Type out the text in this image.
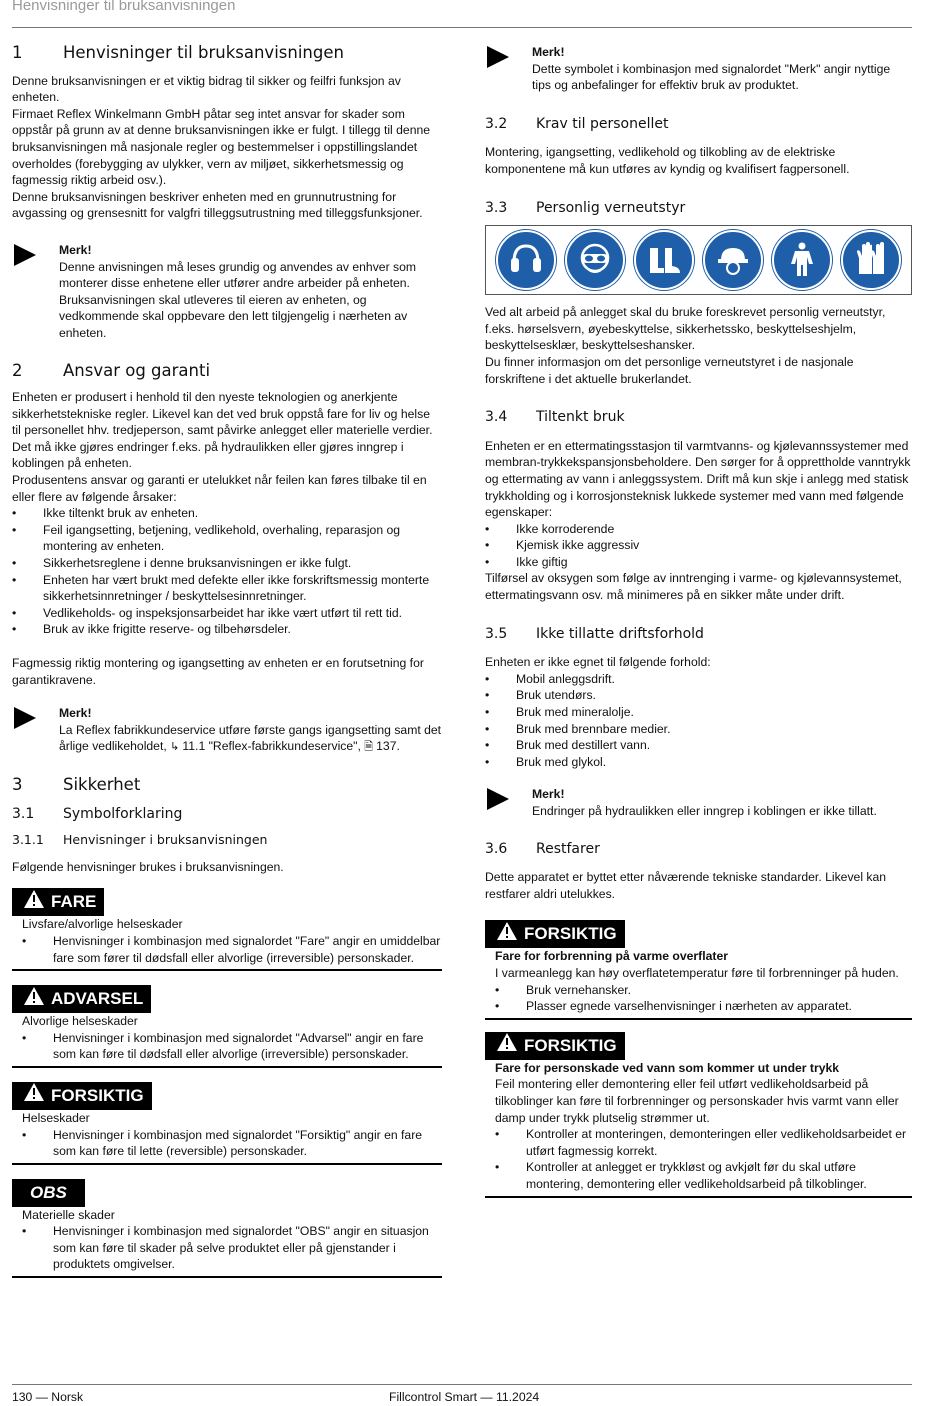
Henvisninger til bruksanvisningen
1	Henvisninger til bruksanvisningen

Denne bruksanvisningen er et viktig bidrag til sikker og feilfri funksjon av enheten.

Firmaet Reflex Winkelmann GmbH påtar seg intet ansvar for skader som oppstår på grunn av at denne bruksanvisningen ikke er fulgt. I tillegg til denne bruksanvisningen må nasjonale regler og bestemmelser i oppstillingslandet overholdes (forebygging av ulykker, vern av miljøet, sikkerhetsmessig og fagmessig riktig arbeid osv.).

Denne bruksanvisningen beskriver enheten med en grunnutrustning for avgassing og grensesnitt for valgfri tilleggsutrustning med tilleggsfunksjoner.

Merk!

Denne anvisningen må leses grundig og anvendes av enhver som monterer disse enhetene eller utfører andre arbeider på enheten. Bruksanvisningen skal utleveres til eieren av enheten, og vedkommende skal oppbevare den lett tilgjengelig i nærheten av enheten.

2	Ansvar og garanti

Enheten er produsert i henhold til den nyeste teknologien og anerkjente sikkerhetstekniske regler. Likevel kan det ved bruk oppstå fare for liv og helse til personellet hhv. tredjeperson, samt påvirke anlegget eller materielle verdier.

Det må ikke gjøres endringer f.eks. på hydraulikken eller gjøres inngrep i koblingen på enheten.

Produsentens ansvar og garanti er utelukket når feilen kan føres tilbake til en eller flere av følgende årsaker:

• Ikke tiltenkt bruk av enheten.
• Feil igangsetting, betjening, vedlikehold, overhaling, reparasjon og montering av enheten.
• Sikkerhetsreglene i denne bruksanvisningen er ikke fulgt.
• Enheten har vært brukt med defekte eller ikke forskriftsmessig monterte sikkerhetsinnretninger / beskyttelsesinnretninger.
• Vedlikeholds- og inspeksjonsarbeidet har ikke vært utført til rett tid.
• Bruk av ikke frigitte reserve- og tilbehørsdeler.

Fagmessig riktig montering og igangsetting av enheten er en forutsetning for garantikravene.

Merk!

La Reflex fabrikkundeservice utføre første gangs igangsetting samt det årlige vedlikeholdet, ↳ 11.1 "Reflex-fabrikkundeservice", 🗎 137.

3	Sikkerhet
3.1	Symbolforklaring
3.1.1	Henvisninger i bruksanvisningen

Følgende henvisninger brukes i bruksanvisningen.

FARE

Livsfare/alvorlige helseskader

• Henvisninger i kombinasjon med signalordet "Fare" angir en umiddelbar fare som fører til dødsfall eller alvorlige (irreversible) personskader.
ADVARSEL

Alvorlige helseskader

• Henvisninger i kombinasjon med signalordet "Advarsel" angir en fare som kan føre til dødsfall eller alvorlige (irreversible) personskader.
FORSIKTIG

Helseskader

• Henvisninger i kombinasjon med signalordet "Forsiktig" angir en fare som kan føre til lette (reversible) personskader.
OBS

Materielle skader

• Henvisninger i kombinasjon med signalordet "OBS" angir en situasjon som kan føre til skader på selve produktet eller på gjenstander i produktets omgivelser.

Merk!

Dette symbolet i kombinasjon med signalordet "Merk" angir nyttige tips og anbefalinger for effektiv bruk av produktet.

3.2	Krav til personellet

Montering, igangsetting, vedlikehold og tilkobling av de elektriske komponentene må kun utføres av kyndig og kvalifisert fagpersonell.

3.3	Personlig verneutstyr

Ved alt arbeid på anlegget skal du bruke foreskrevet personlig verneutstyr, f.eks. hørselsvern, øyebeskyttelse, sikkerhetssko, beskyttelseshjelm, beskyttelsesklær, beskyttelseshansker.

Du finner informasjon om det personlige verneutstyret i de nasjonale forskriftene i det aktuelle brukerlandet.

3.4	Tiltenkt bruk

Enheten er en ettermatingsstasjon til varmtvanns- og kjølevannssystemer med membran-trykkekspansjonsbeholdere. Den sørger for å opprettholde vanntrykk og ettermating av vann i anleggssystem. Drift må kun skje i anlegg med statisk trykkholding og i korrosjonsteknisk lukkede systemer med vann med følgende egenskaper:

• Ikke korroderende
• Kjemisk ikke aggressiv
• Ikke giftig

Tilførsel av oksygen som følge av inntrenging i varme- og kjølevannsystemet, ettermatingsvann osv. må minimeres på en sikker måte under drift.

3.5	Ikke tillatte driftsforhold

Enheten er ikke egnet til følgende forhold:

• Mobil anleggsdrift.
• Bruk utendørs.
• Bruk med mineralolje.
• Bruk med brennbare medier.
• Bruk med destillert vann.
• Bruk med glykol.

Merk!

Endringer på hydraulikken eller inngrep i koblingen er ikke tillatt.

3.6	Restfarer

Dette apparatet er byttet etter nåværende tekniske standarder. Likevel kan restfarer aldri utelukkes.

FORSIKTIG

Fare for forbrenning på varme overflater

I varmeanlegg kan høy overflatetemperatur føre til forbrenninger på huden.

• Bruk vernehansker.
• Plasser egnede varselhenvisninger i nærheten av apparatet.
FORSIKTIG

Fare for personskade ved vann som kommer ut under trykk

Feil montering eller demontering eller feil utført vedlikeholdsarbeid på tilkoblinger kan føre til forbrenninger og personskader hvis varmt vann eller damp under trykk plutselig strømmer ut.

• Kontroller at monteringen, demonteringen eller vedlikeholdsarbeidet er utført fagmessig korrekt.
• Kontroller at anlegget er trykkløst og avkjølt før du skal utføre montering, demontering eller vedlikeholdsarbeid på tilkoblinger.
130 — Norsk	Fillcontrol Smart — 11.2024
